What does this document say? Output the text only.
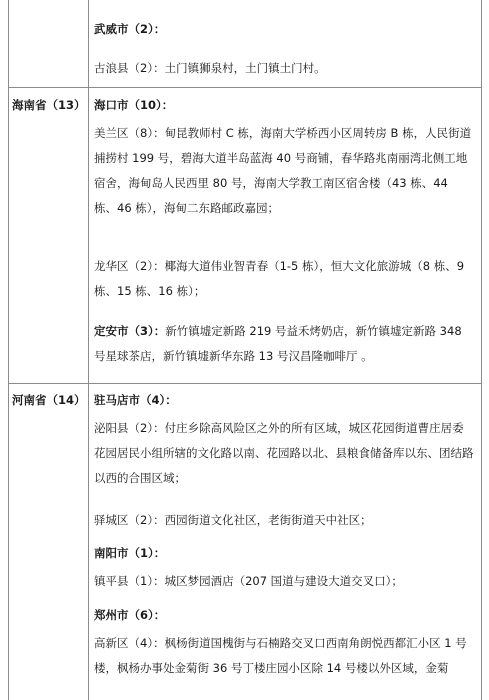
武威市（2）：
古浪县（2）：土门镇狮泉村，土门镇土门村。
海南省（13） 海口市（10）：
美兰区（8）：甸昆教师村 C 栋，海南大学桥西小区周转房 B 栋，人民街道捕捞村 199 号，碧海大道半岛蓝海 40 号商铺，春华路兆南丽湾北侧工地宿舍，海甸岛人民西里 80 号，海南大学教工南区宿舍楼（43 栋、44 栋、46 栋），海甸二东路邮政嘉园；
龙华区（2）：椰海大道伟业智青春（1-5 栋），恒大文化旅游城（8 栋、9 栋、15 栋、16 栋）；
定安市（3）：新竹镇墟定新路 219 号益禾烤奶店，新竹镇墟定新路 348 号星球茶店，新竹镇墟新华东路 13 号汉昌隆咖啡厅 。
河南省（14） 驻马店市（4）：
泌阳县（2）：付庄乡除高风险区之外的所有区域，城区花园街道曹庄居委花园居民小组所辖的文化路以南、花园路以北、县粮食储备库以东、团结路以西的合围区域；
驿城区（2）：西园街道文化社区，老街街道天中社区；
南阳市（1）：
镇平县（1）：城区梦园酒店（207 国道与建设大道交叉口）；
郑州市（6）：
高新区（4）：枫杨街道国槐街与石楠路交叉口西南角朗悦西都汇小区 1 号楼，枫杨办事处金菊街 36 号丁楼庄园小区除 14 号楼以外区域，金菊
